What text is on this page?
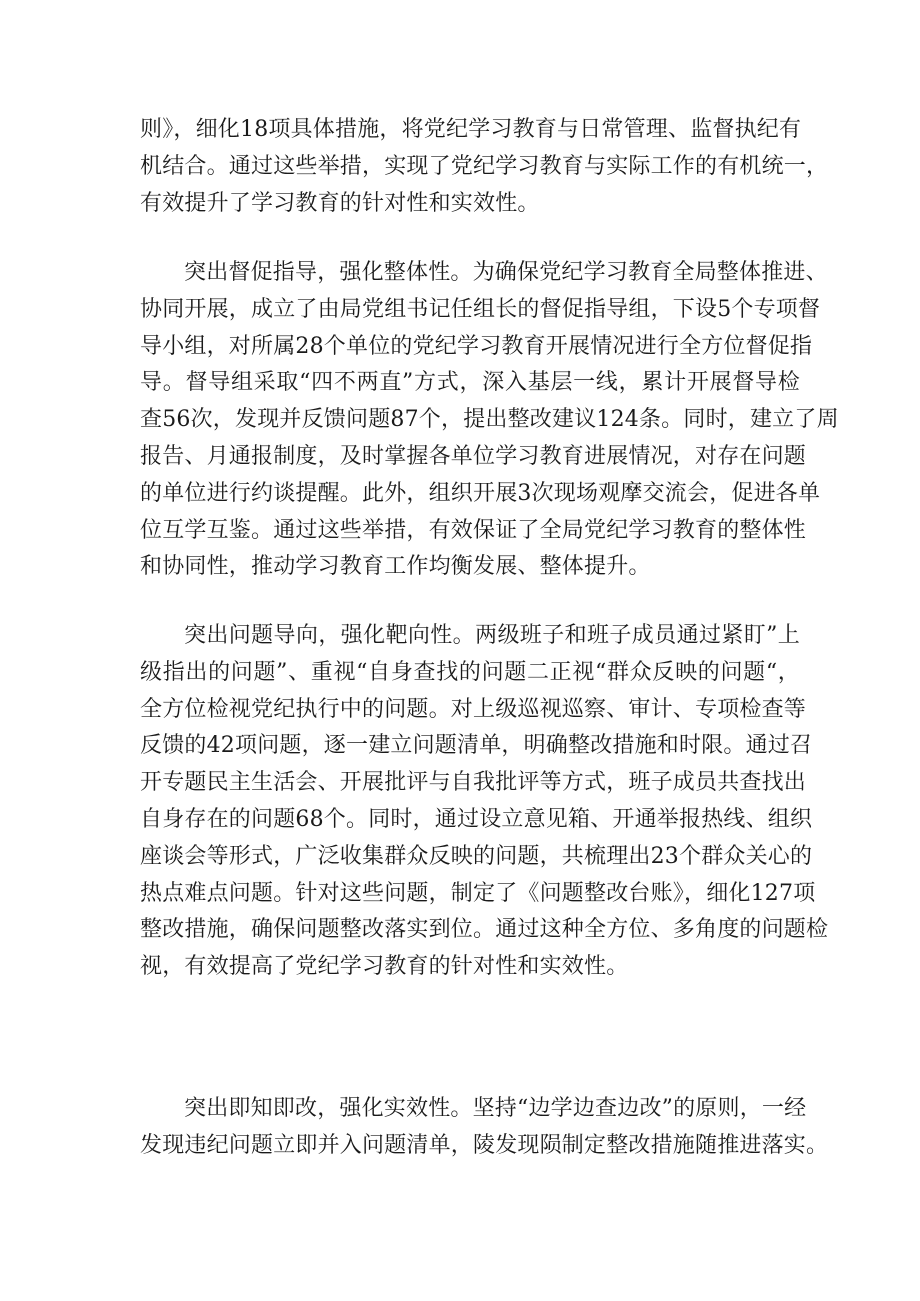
则》，细化18项具体措施，将党纪学习教育与日常管理、监督执纪有
机结合。通过这些举措，实现了党纪学习教育与实际工作的有机统一，
有效提升了学习教育的针对性和实效性。
突出督促指导，强化整体性。为确保党纪学习教育全局整体推进、
协同开展，成立了由局党组书记任组长的督促指导组，下设5个专项督
导小组，对所属28个单位的党纪学习教育开展情况进行全方位督促指
导。督导组采取“四不两直”方式，深入基层一线，累计开展督导检
查56次，发现并反馈问题87个，提出整改建议124条。同时，建立了周
报告、月通报制度，及时掌握各单位学习教育进展情况，对存在问题
的单位进行约谈提醒。此外，组织开展3次现场观摩交流会，促进各单
位互学互鉴。通过这些举措，有效保证了全局党纪学习教育的整体性
和协同性，推动学习教育工作均衡发展、整体提升。
突出问题导向，强化靶向性。两级班子和班子成员通过紧盯”上
级指出的问题”、重视“自身查找的问题二正视“群众反映的问题“，
全方位检视党纪执行中的问题。对上级巡视巡察、审计、专项检查等
反馈的42项问题，逐一建立问题清单，明确整改措施和时限。通过召
开专题民主生活会、开展批评与自我批评等方式，班子成员共查找出
自身存在的问题68个。同时，通过设立意见箱、开通举报热线、组织
座谈会等形式，广泛收集群众反映的问题，共梳理出23个群众关心的
热点难点问题。针对这些问题，制定了《问题整改台账》，细化127项
整改措施，确保问题整改落实到位。通过这种全方位、多角度的问题检
视，有效提高了党纪学习教育的针对性和实效性。
突出即知即改，强化实效性。坚持“边学边查边改”的原则，一经
发现违纪问题立即并入问题清单，陵发现陨制定整改措施随推进落实。
